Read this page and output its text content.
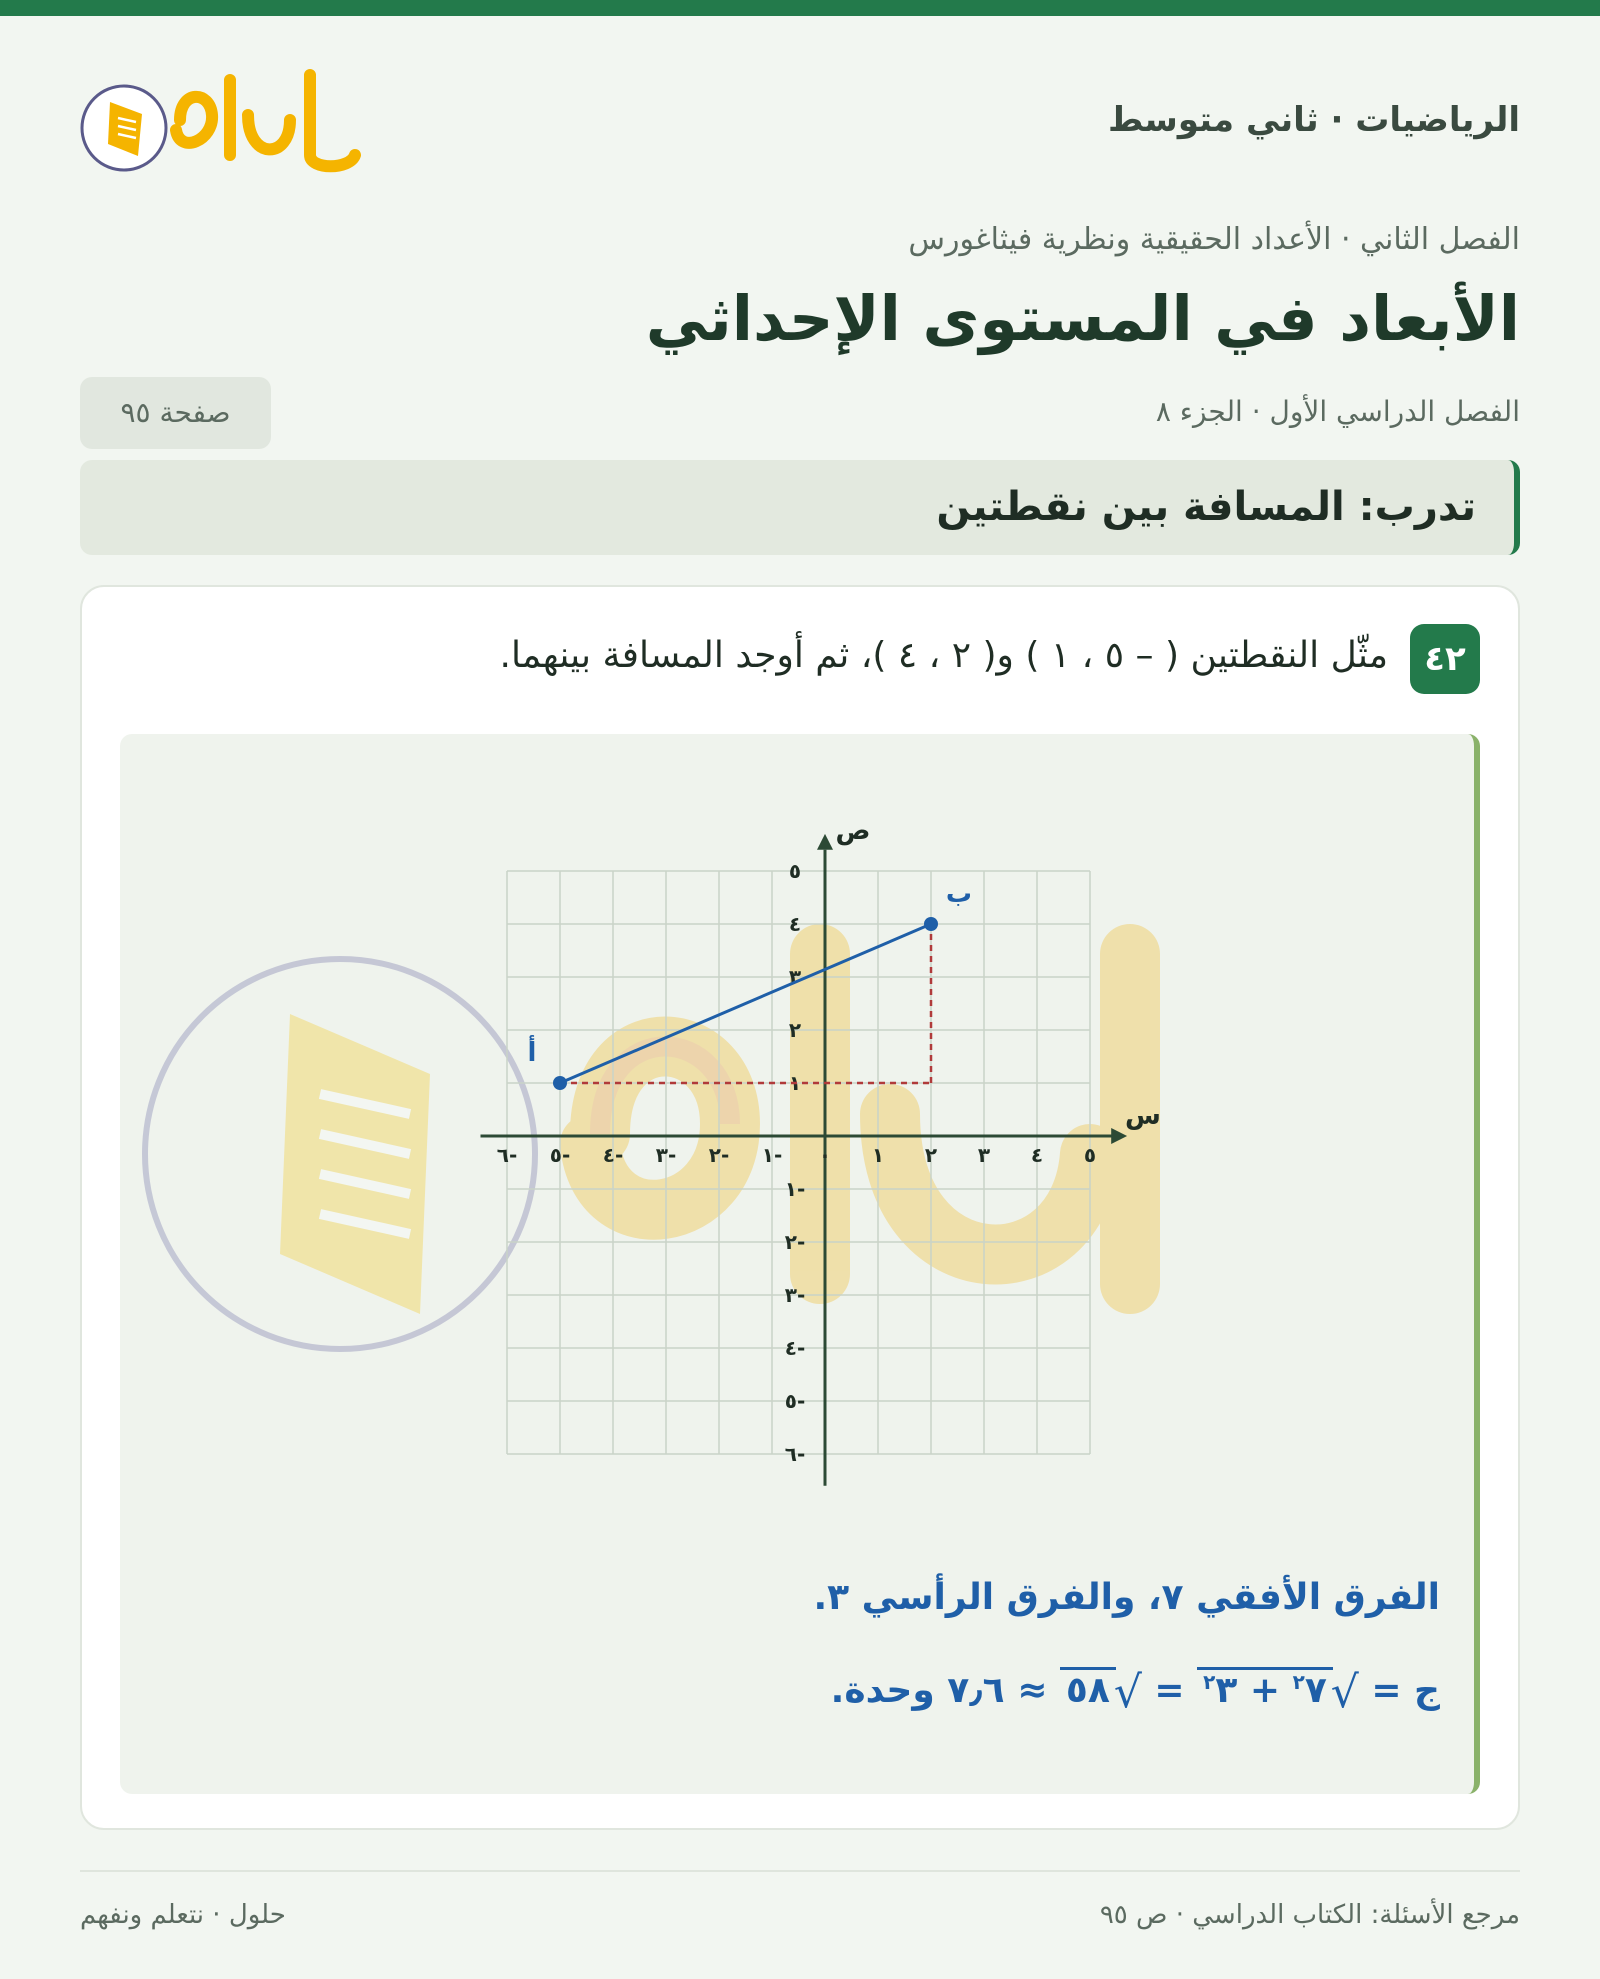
الرياضيات · ثاني متوسط
الفصل الثاني · الأعداد الحقيقية ونظرية فيثاغورس
الأبعاد في المستوى الإحداثي
الفصل الدراسي الأول · الجزء ٨
صفحة ٩٥
تدرب: المسافة بين نقطتين
٤٢
مثّل النقطتين ( – ٥ ، ١ ) و( ٢ ، ٤ )، ثم أوجد المسافة بينهما.
-٦ -٥ -٤ -٣ -٢ -١ ٠ ١ ٢ ٣ ٤ ٥
-٦
-٥
-٤
-٣
-٢
-١
١
٢
٣
٤
٥
س
ص
أ
ب
الفرق الأفقي ٧، والفرق الرأسي ٣.
ج =
√
$٧^٢$ + $٣^٢$ =
√
٥٨ ≈ ٧٫٦ وحدة.
مرجع الأسئلة: الكتاب الدراسي · ص ٩٥
حلول · نتعلم ونفهم
